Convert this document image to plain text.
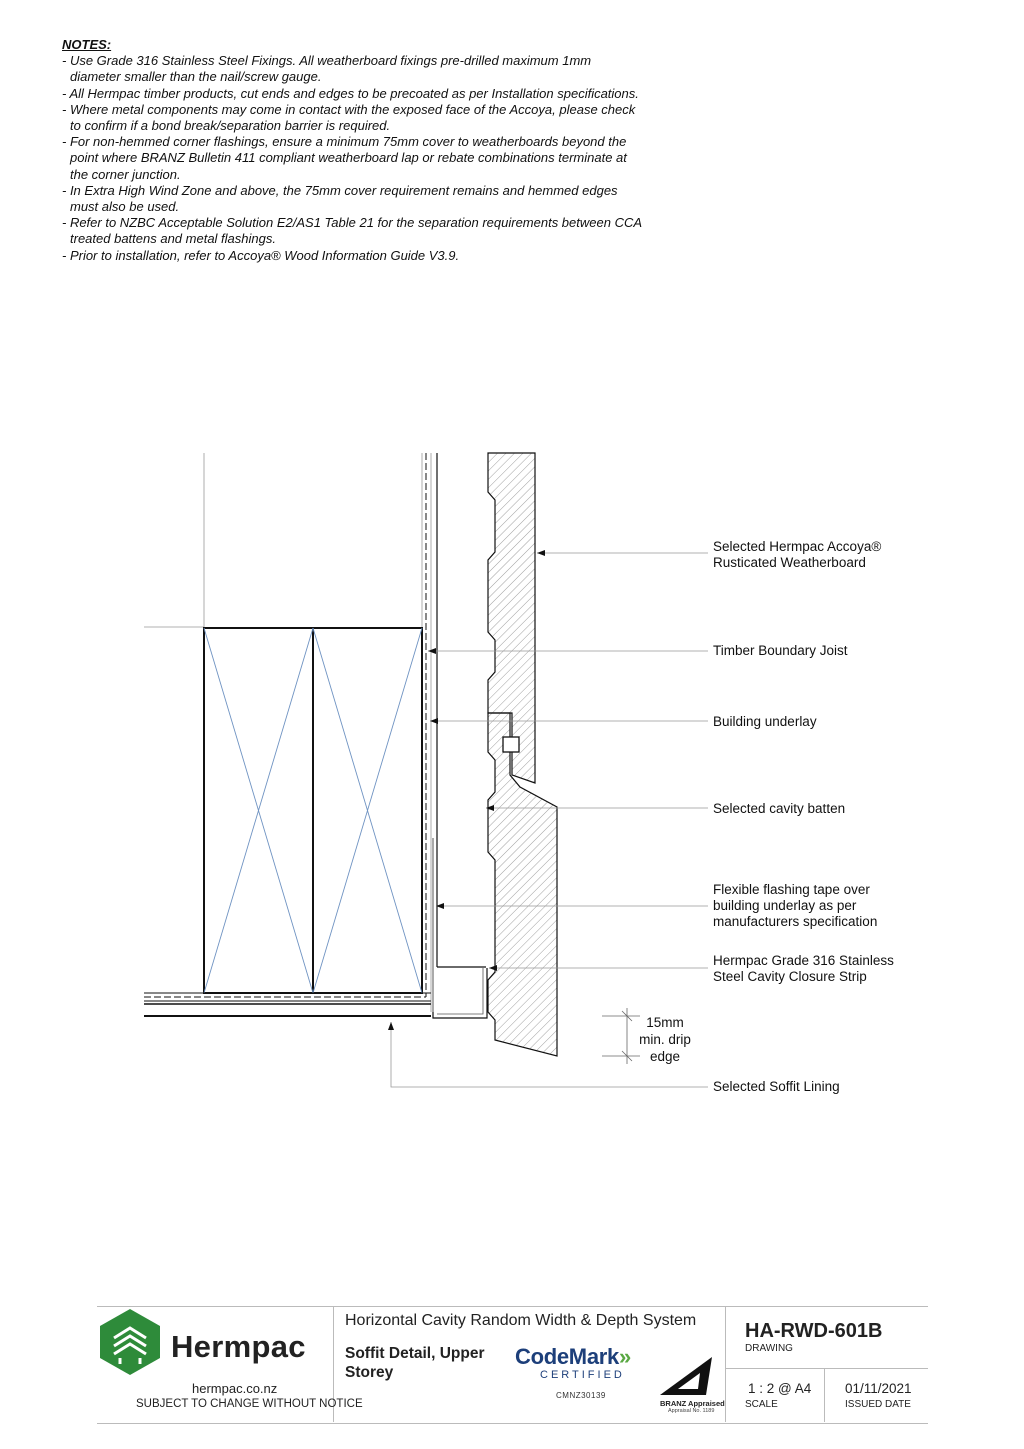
NOTES:
- Use Grade 316 Stainless Steel Fixings. All weatherboard fixings pre-drilled maximum 1mm
diameter smaller than the nail/screw gauge.
- All Hermpac timber products, cut ends and edges to be precoated as per Installation specifications.
- Where metal components may come in contact with the exposed face of the Accoya, please check
to confirm if a bond break/separation barrier is required.
- For non-hemmed corner flashings, ensure a minimum 75mm cover to weatherboards beyond the
point where BRANZ Bulletin 411 compliant weatherboard lap or rebate combinations terminate at
the corner junction.
- In Extra High Wind Zone and above, the 75mm cover requirement remains and hemmed edges
must also be used.
- Refer to NZBC Acceptable Solution E2/AS1 Table 21 for the separation requirements between CCA
treated battens and metal flashings.
- Prior to installation, refer to Accoya® Wood Information Guide V3.9.
Selected Hermpac Accoya®
Rusticated Weatherboard
Timber Boundary Joist
Building underlay
Selected cavity batten
Flexible flashing tape over
building underlay as per
manufacturers specification
Hermpac Grade 316 Stainless
Steel Cavity Closure Strip
Selected Soffit Lining
15mm
min. drip
edge
Hermpac
hermpac.co.nz
SUBJECT TO CHANGE WITHOUT NOTICE
Horizontal Cavity Random Width & Depth System
Soffit Detail, Upper
Storey
CodeMark»
CERTIFIED
CMNZ30139
BRANZ Appraised
Appraisal No. 1189
HA-RWD-601B
DRAWING
1 : 2 @ A4
SCALE
01/11/2021
ISSUED DATE
